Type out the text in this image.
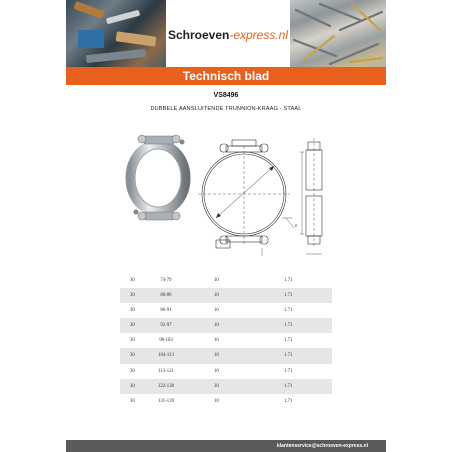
Schroeven-express.nl
Technisch blad
VS8496
DUBBELE AANSLUITENDE TRUNNION-KRAAG - STAAL
e
30	74-79	10	1.71
30	80-86	10	1.71
30	86-91	10	1.71
30	92-97	10	1.71
30	98-103	10	1.71
30	104-113	10	1.71
30	113-121	10	1.71
30	122-130	10	1.71
30	131-139	10	1.71
klantenservice@schroeven-express.nl
